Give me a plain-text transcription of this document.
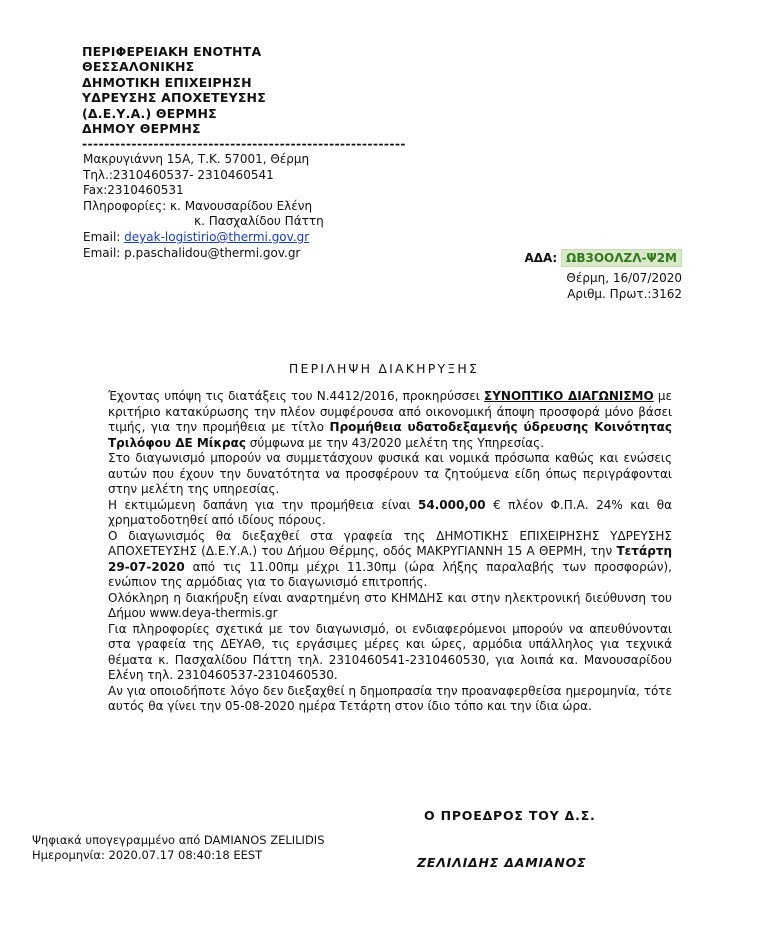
ΠΕΡΙΦΕΡΕΙΑΚΗ ΕΝΟΤΗΤΑ
ΘΕΣΣΑΛΟΝΙΚΗΣ
ΔΗΜΟΤΙΚΗ ΕΠΙΧΕΙΡΗΣΗ
ΥΔΡΕΥΣΗΣ ΑΠΟΧΕΤΕΥΣΗΣ
(Δ.Ε.Υ.Α.) ΘΕΡΜΗΣ
ΔΗΜΟΥ ΘΕΡΜΗΣ
-----------------------------------------------------------
Μακρυγιάννη 15Α, Τ.Κ. 57001, Θέρμη
Τηλ.:2310460537- 2310460541
Fax:2310460531
Πληροφορίες: κ. Μανουσαρίδου Ελένη
κ. Πασχαλίδου Πάττη
Email: deyak-logistirio@thermi.gov.gr
Email: p.paschalidou@thermi.gov.gr	ΑΔΑ: ΩΒ3ΟΟΛΖΛ-Ψ2Μ
Θέρμη, 16/07/2020
Αριθμ. Πρωτ.:3162
ΠΕΡΙΛΗΨΗ ΔΙΑΚΗΡΥΞΗΣ

Έχοντας υπόψη τις διατάξεις του Ν.4412/2016, προκηρύσσει ΣΥΝΟΠΤΙΚΟ ΔΙΑΓΩΝΙΣΜΟ με κριτήριο κατακύρωσης την πλέον συμφέρουσα από οικονομική άποψη προσφορά μόνο βάσει τιμής, για την προμήθεια με τίτλο Προμήθεια υδατοδεξαμενής ύδρευσης Κοινότητας Τριλόφου ΔΕ Μίκρας σύμφωνα με την 43/2020 μελέτη της Υπηρεσίας.

Στο διαγωνισμό μπορούν να συμμετάσχουν φυσικά και νομικά πρόσωπα καθώς και ενώσεις αυτών που έχουν την δυνατότητα να προσφέρουν τα ζητούμενα είδη όπως περιγράφονται στην μελέτη της υπηρεσίας.

Η εκτιμώμενη δαπάνη για την προμήθεια είναι 54.000,00 € πλέον Φ.Π.Α. 24% και θα χρηματοδοτηθεί από ιδίους πόρους.

Ο διαγωνισμός θα διεξαχθεί στα γραφεία της ΔΗΜΟΤΙΚΗΣ ΕΠΙΧΕΙΡΗΣΗΣ ΥΔΡΕΥΣΗΣ ΑΠΟΧΕΤΕΥΣΗΣ (Δ.Ε.Υ.Α.) του Δήμου Θέρμης, οδός ΜΑΚΡΥΓΙΑΝΝΗ 15 Α ΘΕΡΜΗ, την Τετάρτη 29-07-2020 από τις 11.00πμ μέχρι 11.30πμ (ώρα λήξης παραλαβής των προσφορών), ενώπιον της αρμόδιας για το διαγωνισμό επιτροπής.

Ολόκληρη η διακήρυξη είναι αναρτημένη στο ΚΗΜΔΗΣ και στην ηλεκτρονική διεύθυνση του Δήμου www.deya-thermis.gr

Για πληροφορίες σχετικά με τον διαγωνισμό, οι ενδιαφερόμενοι μπορούν να απευθύνονται στα γραφεία της ΔΕΥΑΘ, τις εργάσιμες μέρες και ώρες, αρμόδια υπάλληλος για τεχνικά θέματα κ. Πασχαλίδου Πάττη τηλ. 2310460541-2310460530, για λοιπά κα. Μανουσαρίδου Ελένη τηλ. 2310460537-2310460530.

Αν για οποιοδήποτε λόγο δεν διεξαχθεί η δημοπρασία την προαναφερθείσα ημερομηνία, τότε αυτός θα γίνει την 05-08-2020 ημέρα Τετάρτη στον ίδιο τόπο και την ίδια ώρα.

Ο ΠΡΟΕΔΡΟΣ ΤΟΥ Δ.Σ.
Ψηφιακά υπογεγραμμένο από DAMIANOS ZELILIDIS
Ημερομηνία: 2020.07.17 08:40:18 EEST	ΖΕΛΙΛΙΔΗΣ ΔΑΜΙΑΝΟΣ
